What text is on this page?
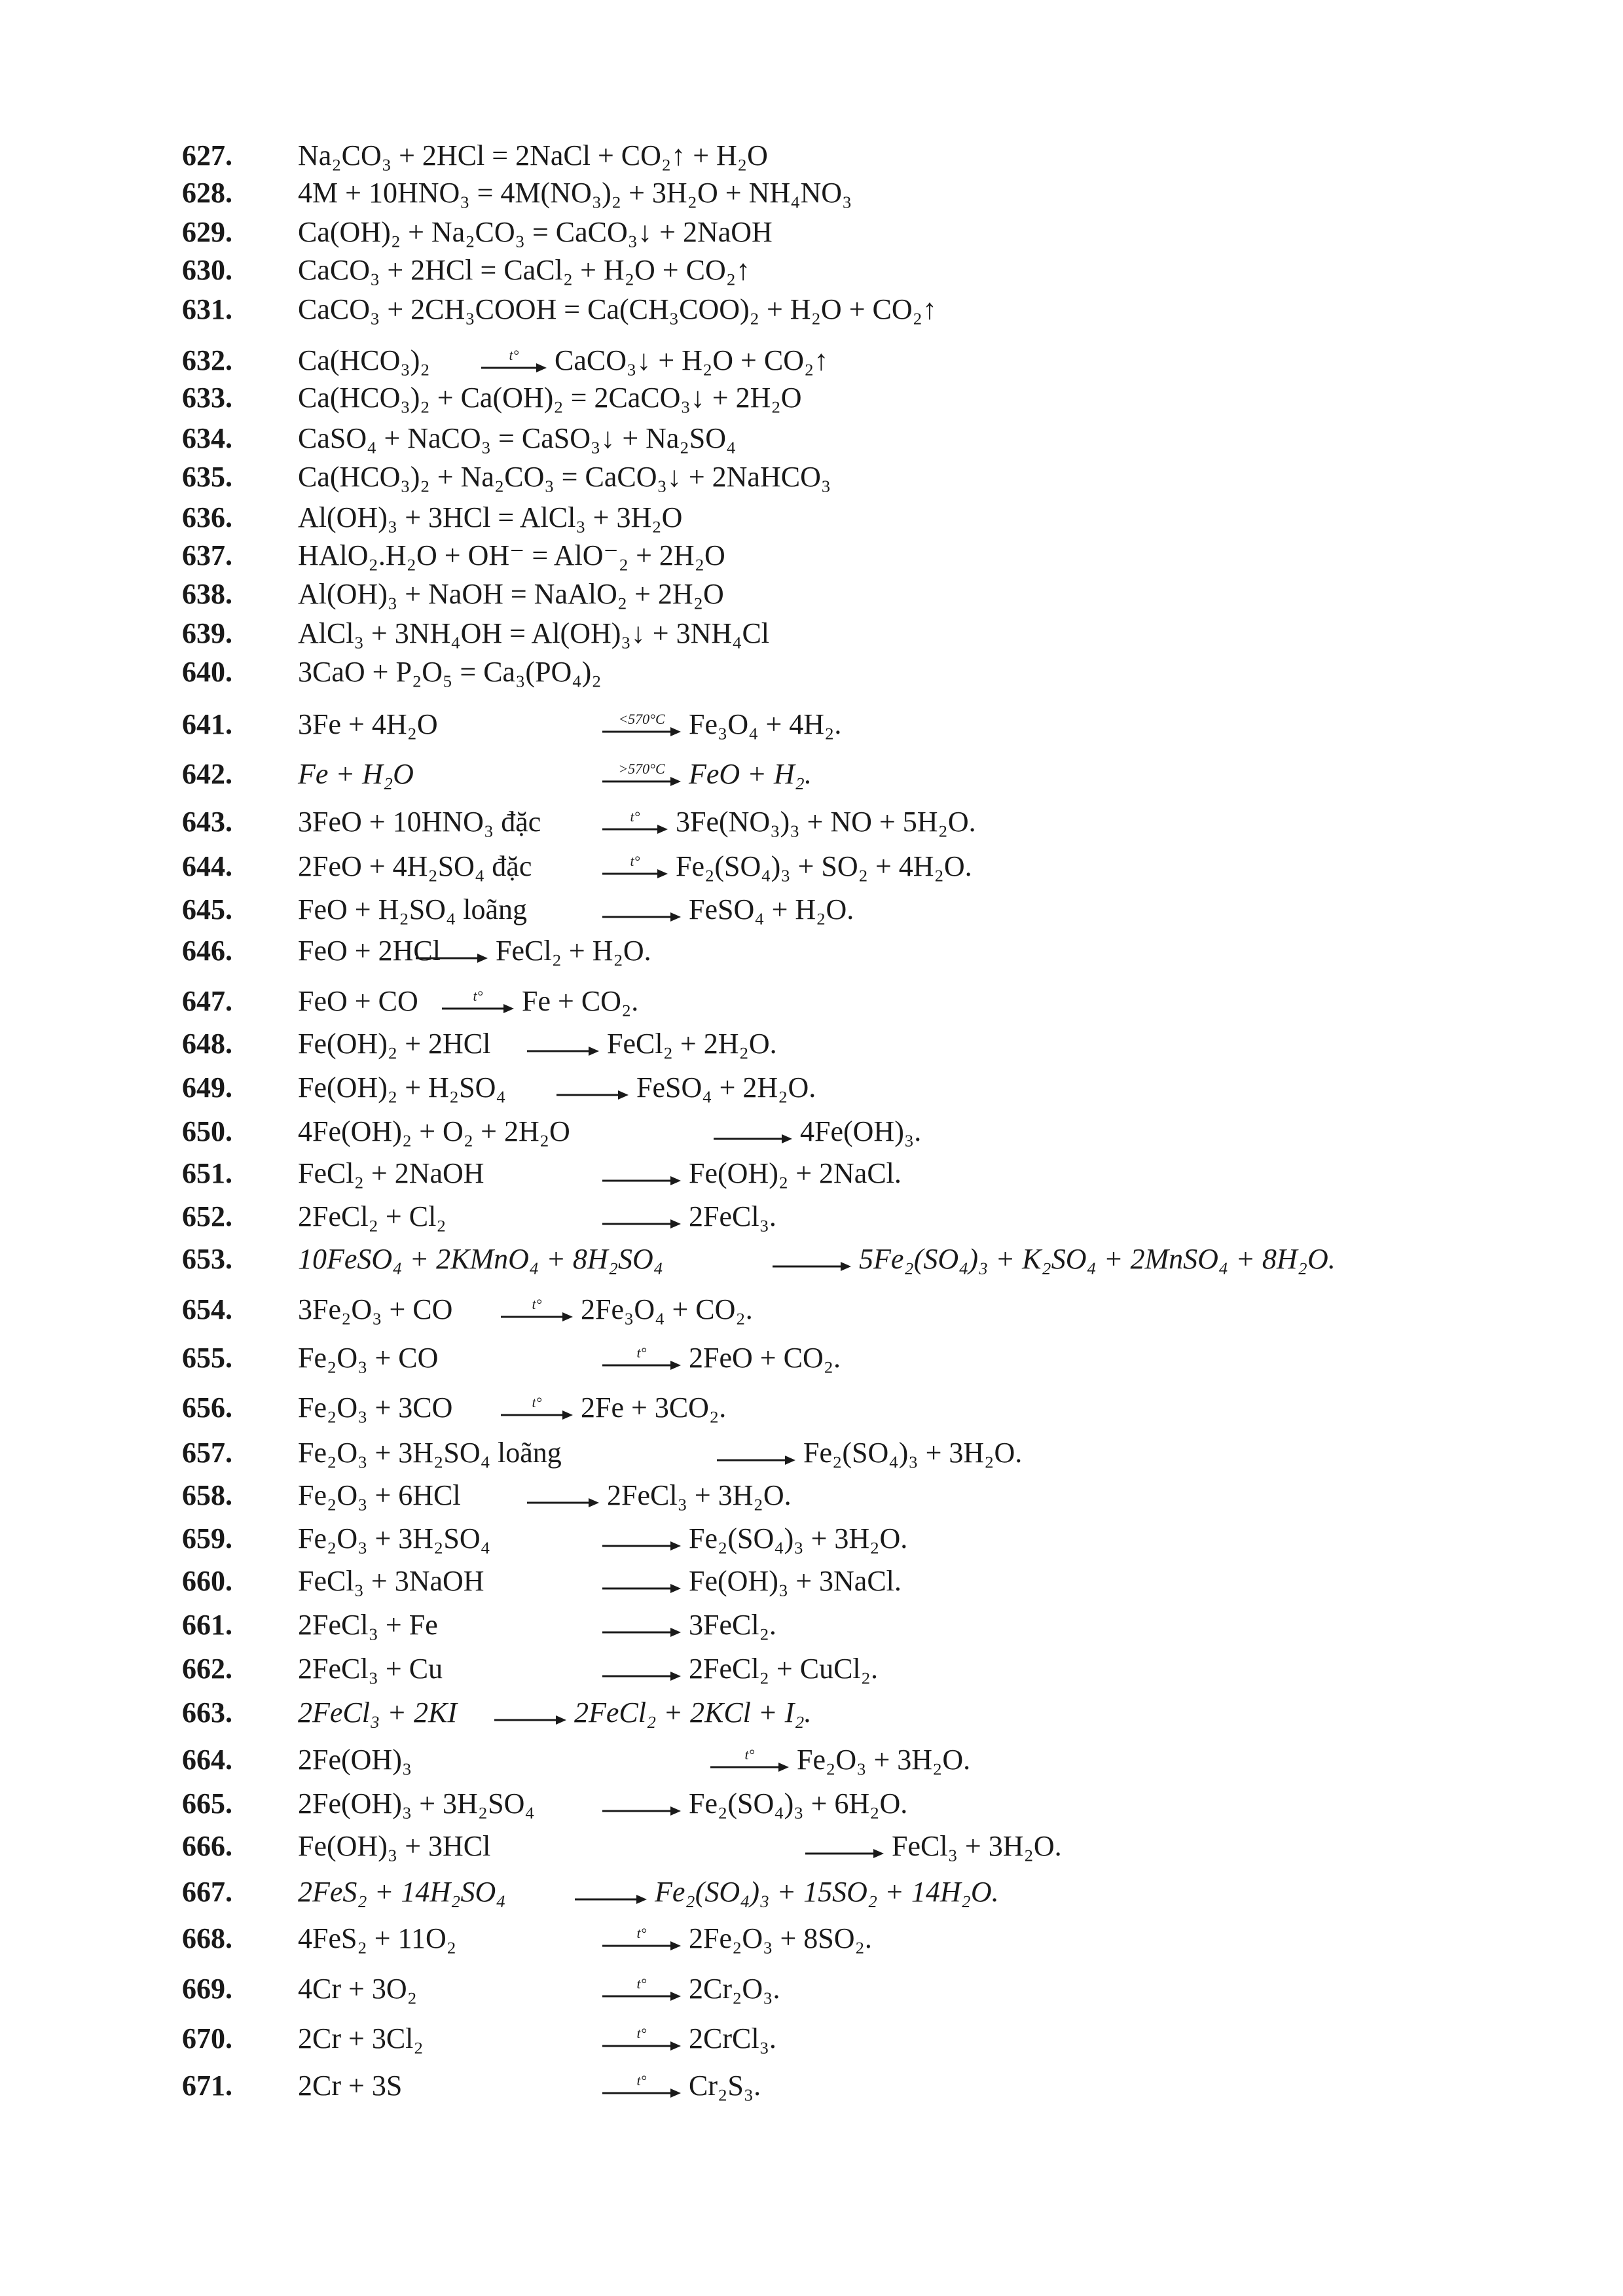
627. Na₂CO₃ + 2HCl = 2NaCl + CO₂↑ + H₂O
628. 4M + 10HNO₃ = 4M(NO₃)₂ + 3H₂O + NH₄NO₃
629. Ca(OH)₂ + Na₂CO₃ = CaCO₃↓ + 2NaOH
630. CaCO₃ + 2HCl = CaCl₂ + H₂O + CO₂↑
631. CaCO₃ + 2CH₃COOH = Ca(CH₃COO)₂ + H₂O + CO₂↑
632. Ca(HCO₃)₂	t° CaCO₃↓ + H₂O + CO₂↑
633. Ca(HCO₃)₂ + Ca(OH)₂ = 2CaCO₃↓ + 2H₂O
634. CaSO₄ + NaCO₃ = CaSO₃↓ + Na₂SO₄
635. Ca(HCO₃)₂ + Na₂CO₃ = CaCO₃↓ + 2NaHCO₃
636. Al(OH)₃ + 3HCl = AlCl₃ + 3H₂O
637. HAlO₂.H₂O + OH⁻ = AlO⁻₂ + 2H₂O
638. Al(OH)₃ + NaOH = NaAlO₂ + 2H₂O
639. AlCl₃ + 3NH₄OH = Al(OH)₃↓ + 3NH₄Cl
640. 3CaO + P₂O₅ = Ca₃(PO₄)₂
641. 3Fe + 4H₂O	<570°C Fe₃O₄ + 4H₂.
642. Fe + H₂O	>570°C FeO + H₂.
643. 3FeO + 10HNO₃ đặc	t° 3Fe(NO₃)₃ + NO + 5H₂O.
644. 2FeO + 4H₂SO₄ đặc	t° Fe₂(SO₄)₃ + SO₂ + 4H₂O.
645. FeO + H₂SO₄ loãng	FeSO₄ + H₂O.
646. FeO + 2HCl FeCl₂ + H₂O.
647. FeO + CO	t° Fe + CO₂.
648. Fe(OH)₂ + 2HCl	FeCl₂ + 2H₂O.
649. Fe(OH)₂ + H₂SO₄	FeSO₄ + 2H₂O.
650. 4Fe(OH)₂ + O₂ + 2H₂O	4Fe(OH)₃.
651. FeCl₂ + 2NaOH	Fe(OH)₂ + 2NaCl.
652. 2FeCl₂ + Cl₂	2FeCl₃.
653. 10FeSO₄ + 2KMnO₄ + 8H₂SO₄	5Fe₂(SO₄)₃ + K₂SO₄ + 2MnSO₄ + 8H₂O.
654. 3Fe₂O₃ + CO	t° 2Fe₃O₄ + CO₂.
655. Fe₂O₃ + CO	t° 2FeO + CO₂.
656. Fe₂O₃ + 3CO	t° 2Fe + 3CO₂.
657. Fe₂O₃ + 3H₂SO₄ loãng	Fe₂(SO₄)₃ + 3H₂O.
658. Fe₂O₃ + 6HCl	2FeCl₃ + 3H₂O.
659. Fe₂O₃ + 3H₂SO₄	Fe₂(SO₄)₃ + 3H₂O.
660. FeCl₃ + 3NaOH	Fe(OH)₃ + 3NaCl.
661. 2FeCl₃ + Fe	3FeCl₂.
662. 2FeCl₃ + Cu	2FeCl₂ + CuCl₂.
663. 2FeCl₃ + 2KI	2FeCl₂ + 2KCl + I₂.
664. 2Fe(OH)₃	t° Fe₂O₃ + 3H₂O.
665. 2Fe(OH)₃ + 3H₂SO₄	Fe₂(SO₄)₃ + 6H₂O.
666. Fe(OH)₃ + 3HCl	FeCl₃ + 3H₂O.
667. 2FeS₂ + 14H₂SO₄	Fe₂(SO₄)₃ + 15SO₂ + 14H₂O.
668. 4FeS₂ + 11O₂	t° 2Fe₂O₃ + 8SO₂.
669. 4Cr + 3O₂	t° 2Cr₂O₃.
670. 2Cr + 3Cl₂	t° 2CrCl₃.
671. 2Cr + 3S	t° Cr₂S₃.
